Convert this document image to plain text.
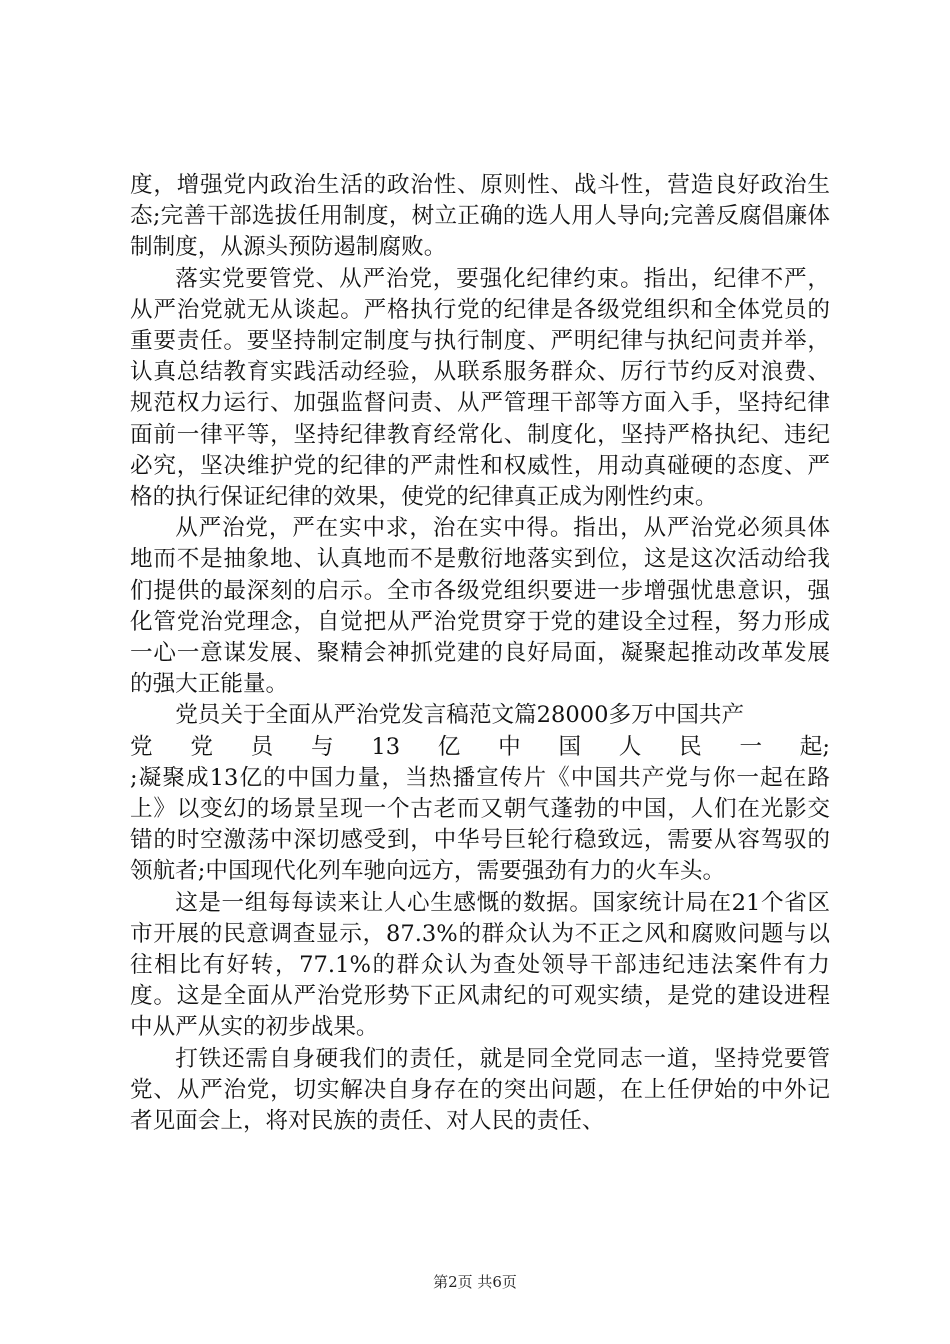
度，增强党内政治生活的政治性、原则性、战斗性，营造良好政治生态;完善干部选拔任用制度，树立正确的选人用人导向;完善反腐倡廉体制制度，从源头预防遏制腐败。

落实党要管党、从严治党，要强化纪律约束。指出，纪律不严，从严治党就无从谈起。严格执行党的纪律是各级党组织和全体党员的重要责任。要坚持制定制度与执行制度、严明纪律与执纪问责并举，认真总结教育实践活动经验，从联系服务群众、厉行节约反对浪费、规范权力运行、加强监督问责、从严管理干部等方面入手，坚持纪律面前一律平等，坚持纪律教育经常化、制度化，坚持严格执纪、违纪必究，坚决维护党的纪律的严肃性和权威性，用动真碰硬的态度、严格的执行保证纪律的效果，使党的纪律真正成为刚性约束。

从严治党，严在实中求，治在实中得。指出，从严治党必须具体地而不是抽象地、认真地而不是敷衍地落实到位，这是这次活动给我们提供的最深刻的启示。全市各级党组织要进一步增强忧患意识，强化管党治党理念，自觉把从严治党贯穿于党的建设全过程，努力形成一心一意谋发展、聚精会神抓党建的良好局面，凝聚起推动改革发展的强大正能量。

党员关于全面从严治党发言稿范文篇28000多万中国共产

党党员与13亿中国人民一起 ;

;凝聚成13亿的中国力量，当热播宣传片《中国共产党与你一起在路上》以变幻的场景呈现一个古老而又朝气蓬勃的中国，人们在光影交错的时空激荡中深切感受到，中华号巨轮行稳致远，需要从容驾驭的领航者;中国现代化列车驰向远方，需要强劲有力的火车头。

这是一组每每读来让人心生感慨的数据。国家统计局在21个省区市开展的民意调查显示，87.3%的群众认为不正之风和腐败问题与以往相比有好转，77.1%的群众认为查处领导干部违纪违法案件有力度。这是全面从严治党形势下正风肃纪的可观实绩，是党的建设进程中从严从实的初步战果。

打铁还需自身硬我们的责任，就是同全党同志一道，坚持党要管党、从严治党，切实解决自身存在的突出问题，在上任伊始的中外记者见面会上，将对民族的责任、对人民的责任、

第2页 共6页
